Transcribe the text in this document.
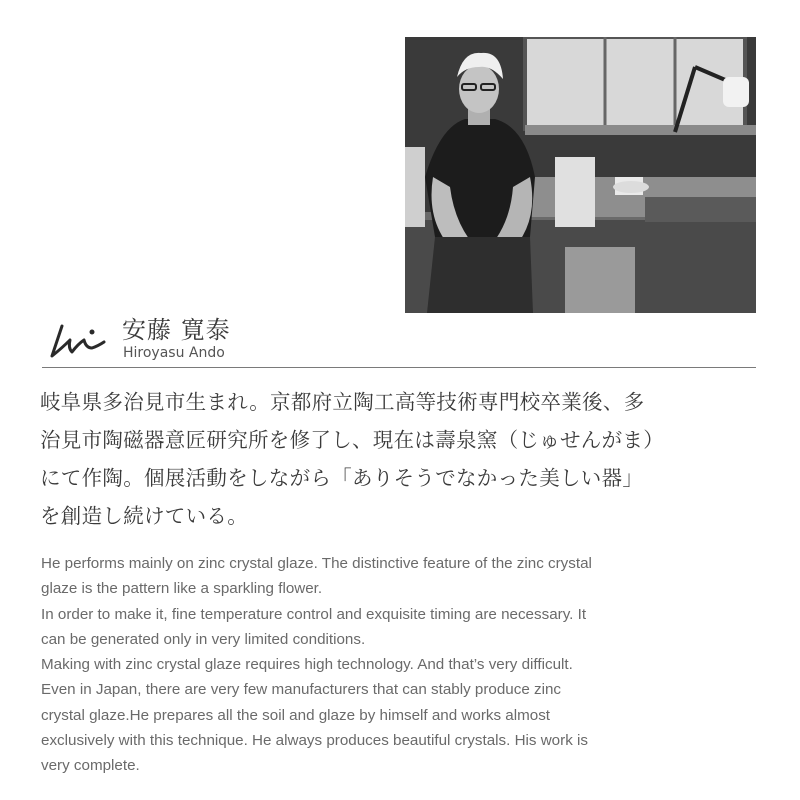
安藤 寛泰
Hiroyasu Ando
岐阜県多治見市生まれ。京都府立陶工高等技術専門校卒業後、多
治見市陶磁器意匠研究所を修了し、現在は壽泉窯（じゅせんがま）
にて作陶。個展活動をしながら「ありそうでなかった美しい器」
を創造し続けている。
He performs mainly on zinc crystal glaze. The distinctive feature of the zinc crystal
glaze is the pattern like a sparkling flower.
In order to make it, fine temperature control and exquisite timing are necessary. It
can be generated only in very limited conditions.
Making with zinc crystal glaze requires high technology. And that’s very difficult.
Even in Japan, there are very few manufacturers that can stably produce zinc
crystal glaze.He prepares all the soil and glaze by himself and works almost
exclusively with this technique. He always produces beautiful crystals. His work is
very complete.
